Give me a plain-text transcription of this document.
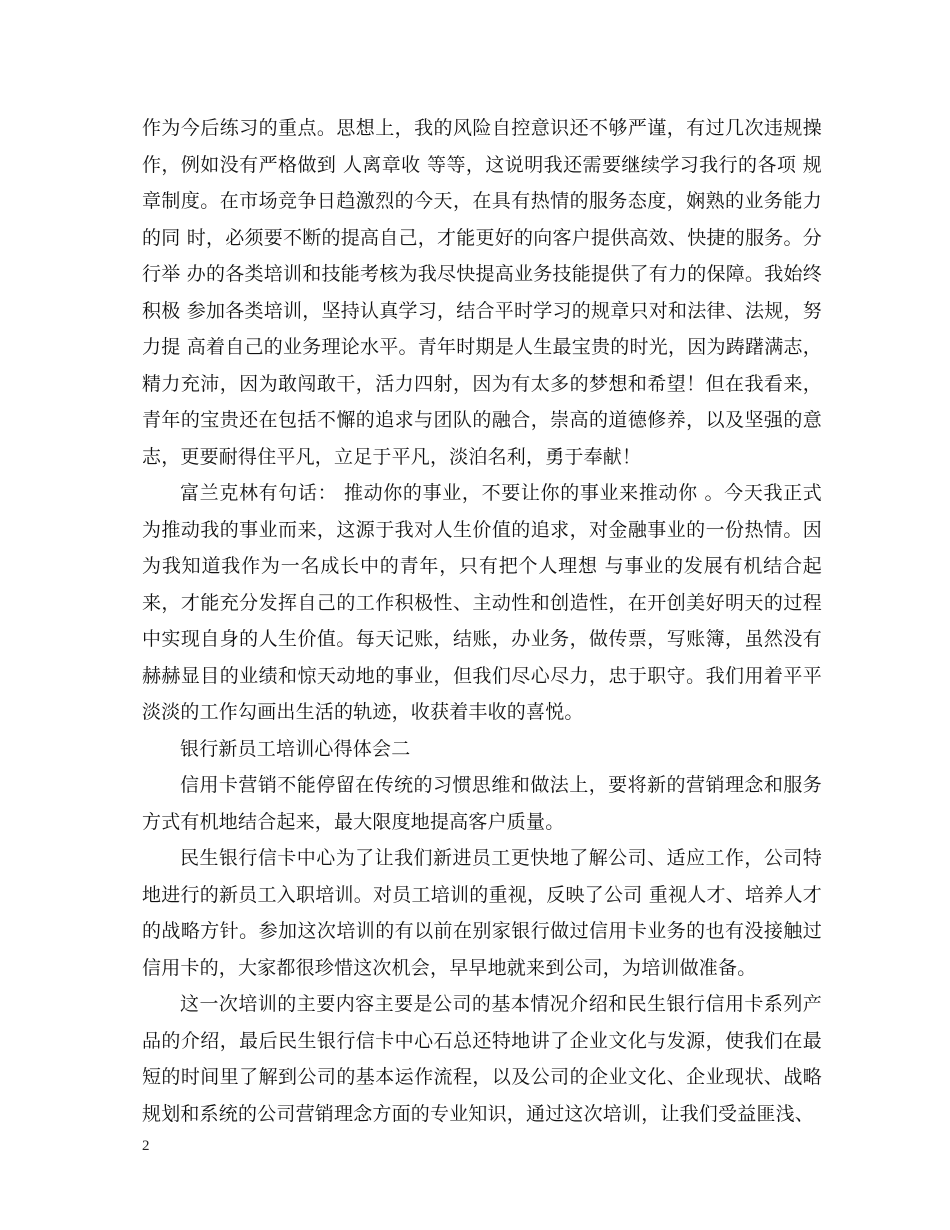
作为今后练习的重点。思想上，我的风险自控意识还不够严谨，有过几次违规操作，例如没有严格做到 人离章收 等等，这说明我还需要继续学习我行的各项 规章制度。在市场竞争日趋激烈的今天，在具有热情的服务态度，娴熟的业务能力的同 时，必须要不断的提高自己，才能更好的向客户提供高效、快捷的服务。分行举 办的各类培训和技能考核为我尽快提高业务技能提供了有力的保障。我始终积极 参加各类培训，坚持认真学习，结合平时学习的规章只对和法律、法规，努力提 高着自己的业务理论水平。青年时期是人生最宝贵的时光，因为踌躇满志，精力充沛，因为敢闯敢干，活力四射，因为有太多的梦想和希望！但在我看来，青年的宝贵还在包括不懈的追求与团队的融合，崇高的道德修养，以及坚强的意志，更要耐得住平凡，立足于平凡，淡泊名利，勇于奉献！

富兰克林有句话： 推动你的事业，不要让你的事业来推动你 。今天我正式为推动我的事业而来，这源于我对人生价值的追求，对金融事业的一份热情。因为我知道我作为一名成长中的青年，只有把个人理想 与事业的发展有机结合起来，才能充分发挥自己的工作积极性、主动性和创造性，在开创美好明天的过程中实现自身的人生价值。每天记账，结账，办业务，做传票，写账簿，虽然没有赫赫显目的业绩和惊天动地的事业，但我们尽心尽力，忠于职守。我们用着平平淡淡的工作勾画出生活的轨迹，收获着丰收的喜悦。

银行新员工培训心得体会二

信用卡营销不能停留在传统的习惯思维和做法上，要将新的营销理念和服务方式有机地结合起来，最大限度地提高客户质量。

民生银行信卡中心为了让我们新进员工更快地了解公司、适应工作，公司特地进行的新员工入职培训。对员工培训的重视，反映了公司 重视人才、培养人才的战略方针。参加这次培训的有以前在别家银行做过信用卡业务的也有没接触过信用卡的，大家都很珍惜这次机会，早早地就来到公司，为培训做准备。

这一次培训的主要内容主要是公司的基本情况介绍和民生银行信用卡系列产品的介绍，最后民生银行信卡中心石总还特地讲了企业文化与发源，使我们在最短的时间里了解到公司的基本运作流程，以及公司的企业文化、企业现状、战略规划和系统的公司营销理念方面的专业知识，通过这次培训，让我们受益匪浅、

2
